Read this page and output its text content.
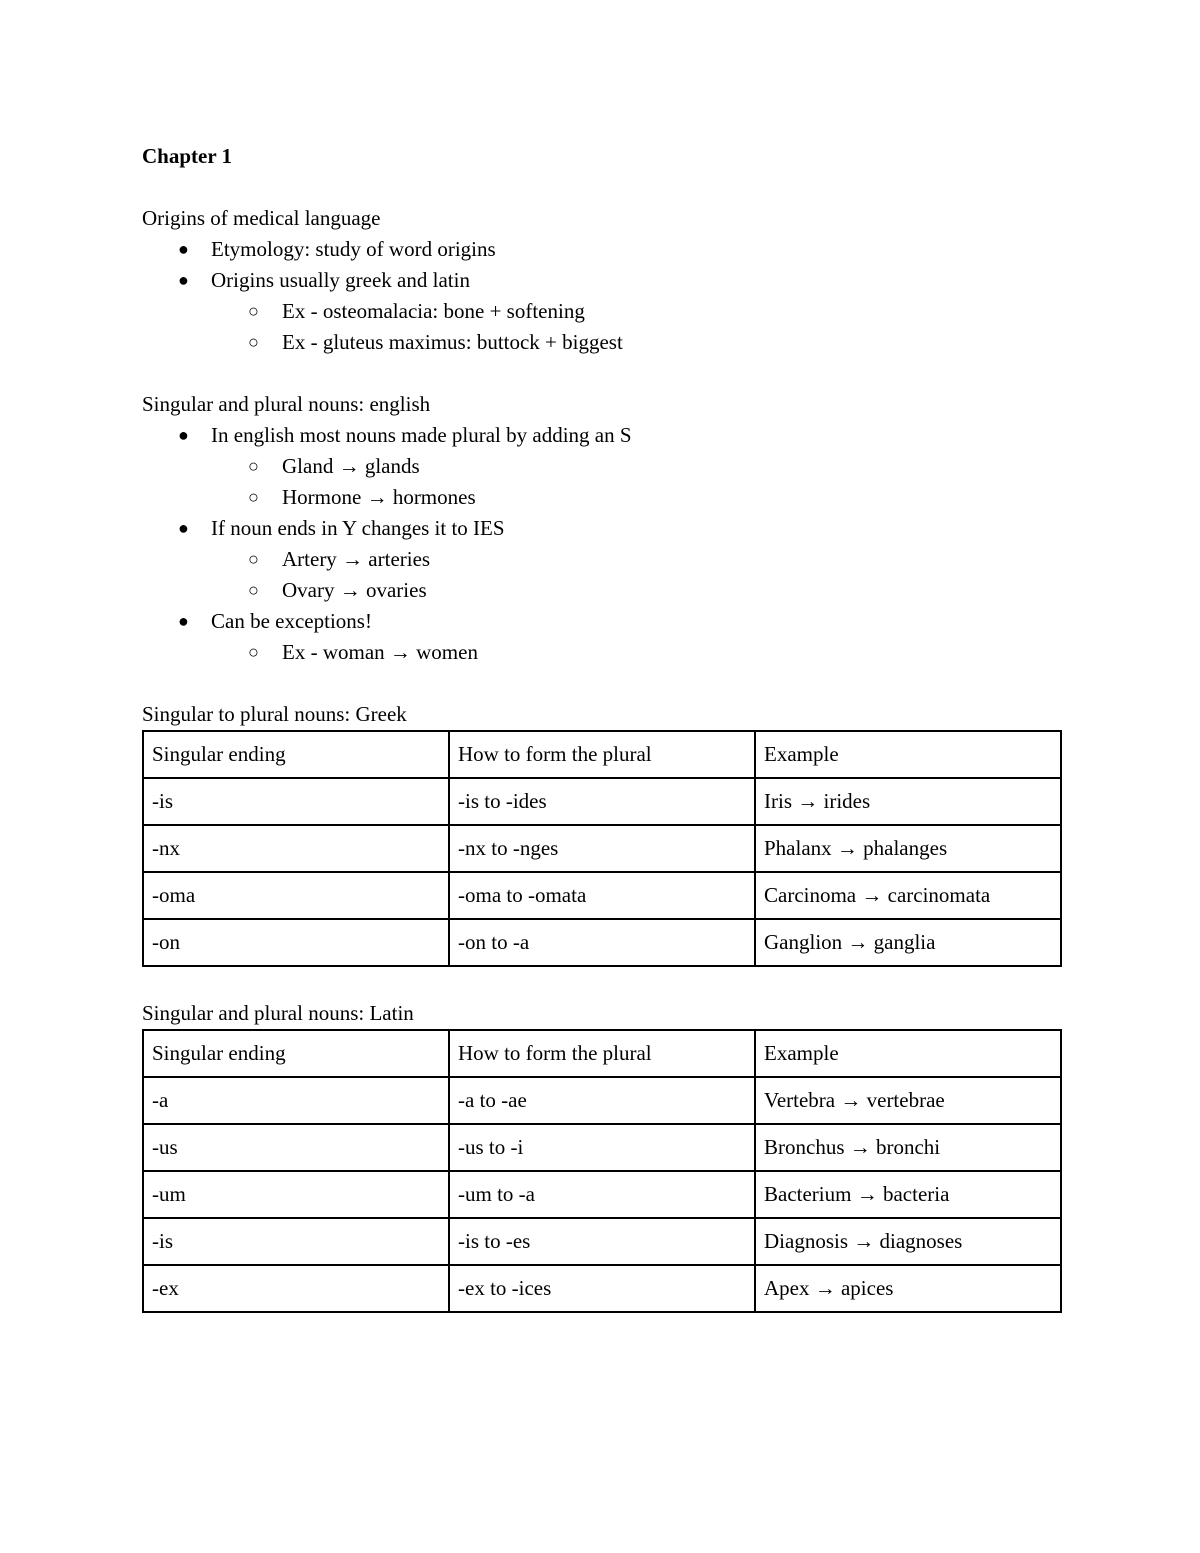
Chapter 1

Origins of medical language

● Etymology: study of word origins
● Origins usually greek and latin
○ Ex - osteomalacia: bone + softening
○ Ex - gluteus maximus: buttock + biggest

Singular and plural nouns: english

● In english most nouns made plural by adding an S
○ Gland → glands
○ Hormone → hormones
● If noun ends in Y changes it to IES
○ Artery → arteries
○ Ovary → ovaries
● Can be exceptions!
○ Ex - woman → women

Singular to plural nouns: Greek

Singular ending	How to form the plural	Example
-is	-is to -ides	Iris → irides
-nx	-nx to -nges	Phalanx → phalanges
-oma	-oma to -omata	Carcinoma → carcinomata
-on	-on to -a	Ganglion → ganglia

Singular and plural nouns: Latin

Singular ending	How to form the plural	Example
-a	-a to -ae	Vertebra → vertebrae
-us	-us to -i	Bronchus → bronchi
-um	-um to -a	Bacterium → bacteria
-is	-is to -es	Diagnosis → diagnoses
-ex	-ex to -ices	Apex → apices
